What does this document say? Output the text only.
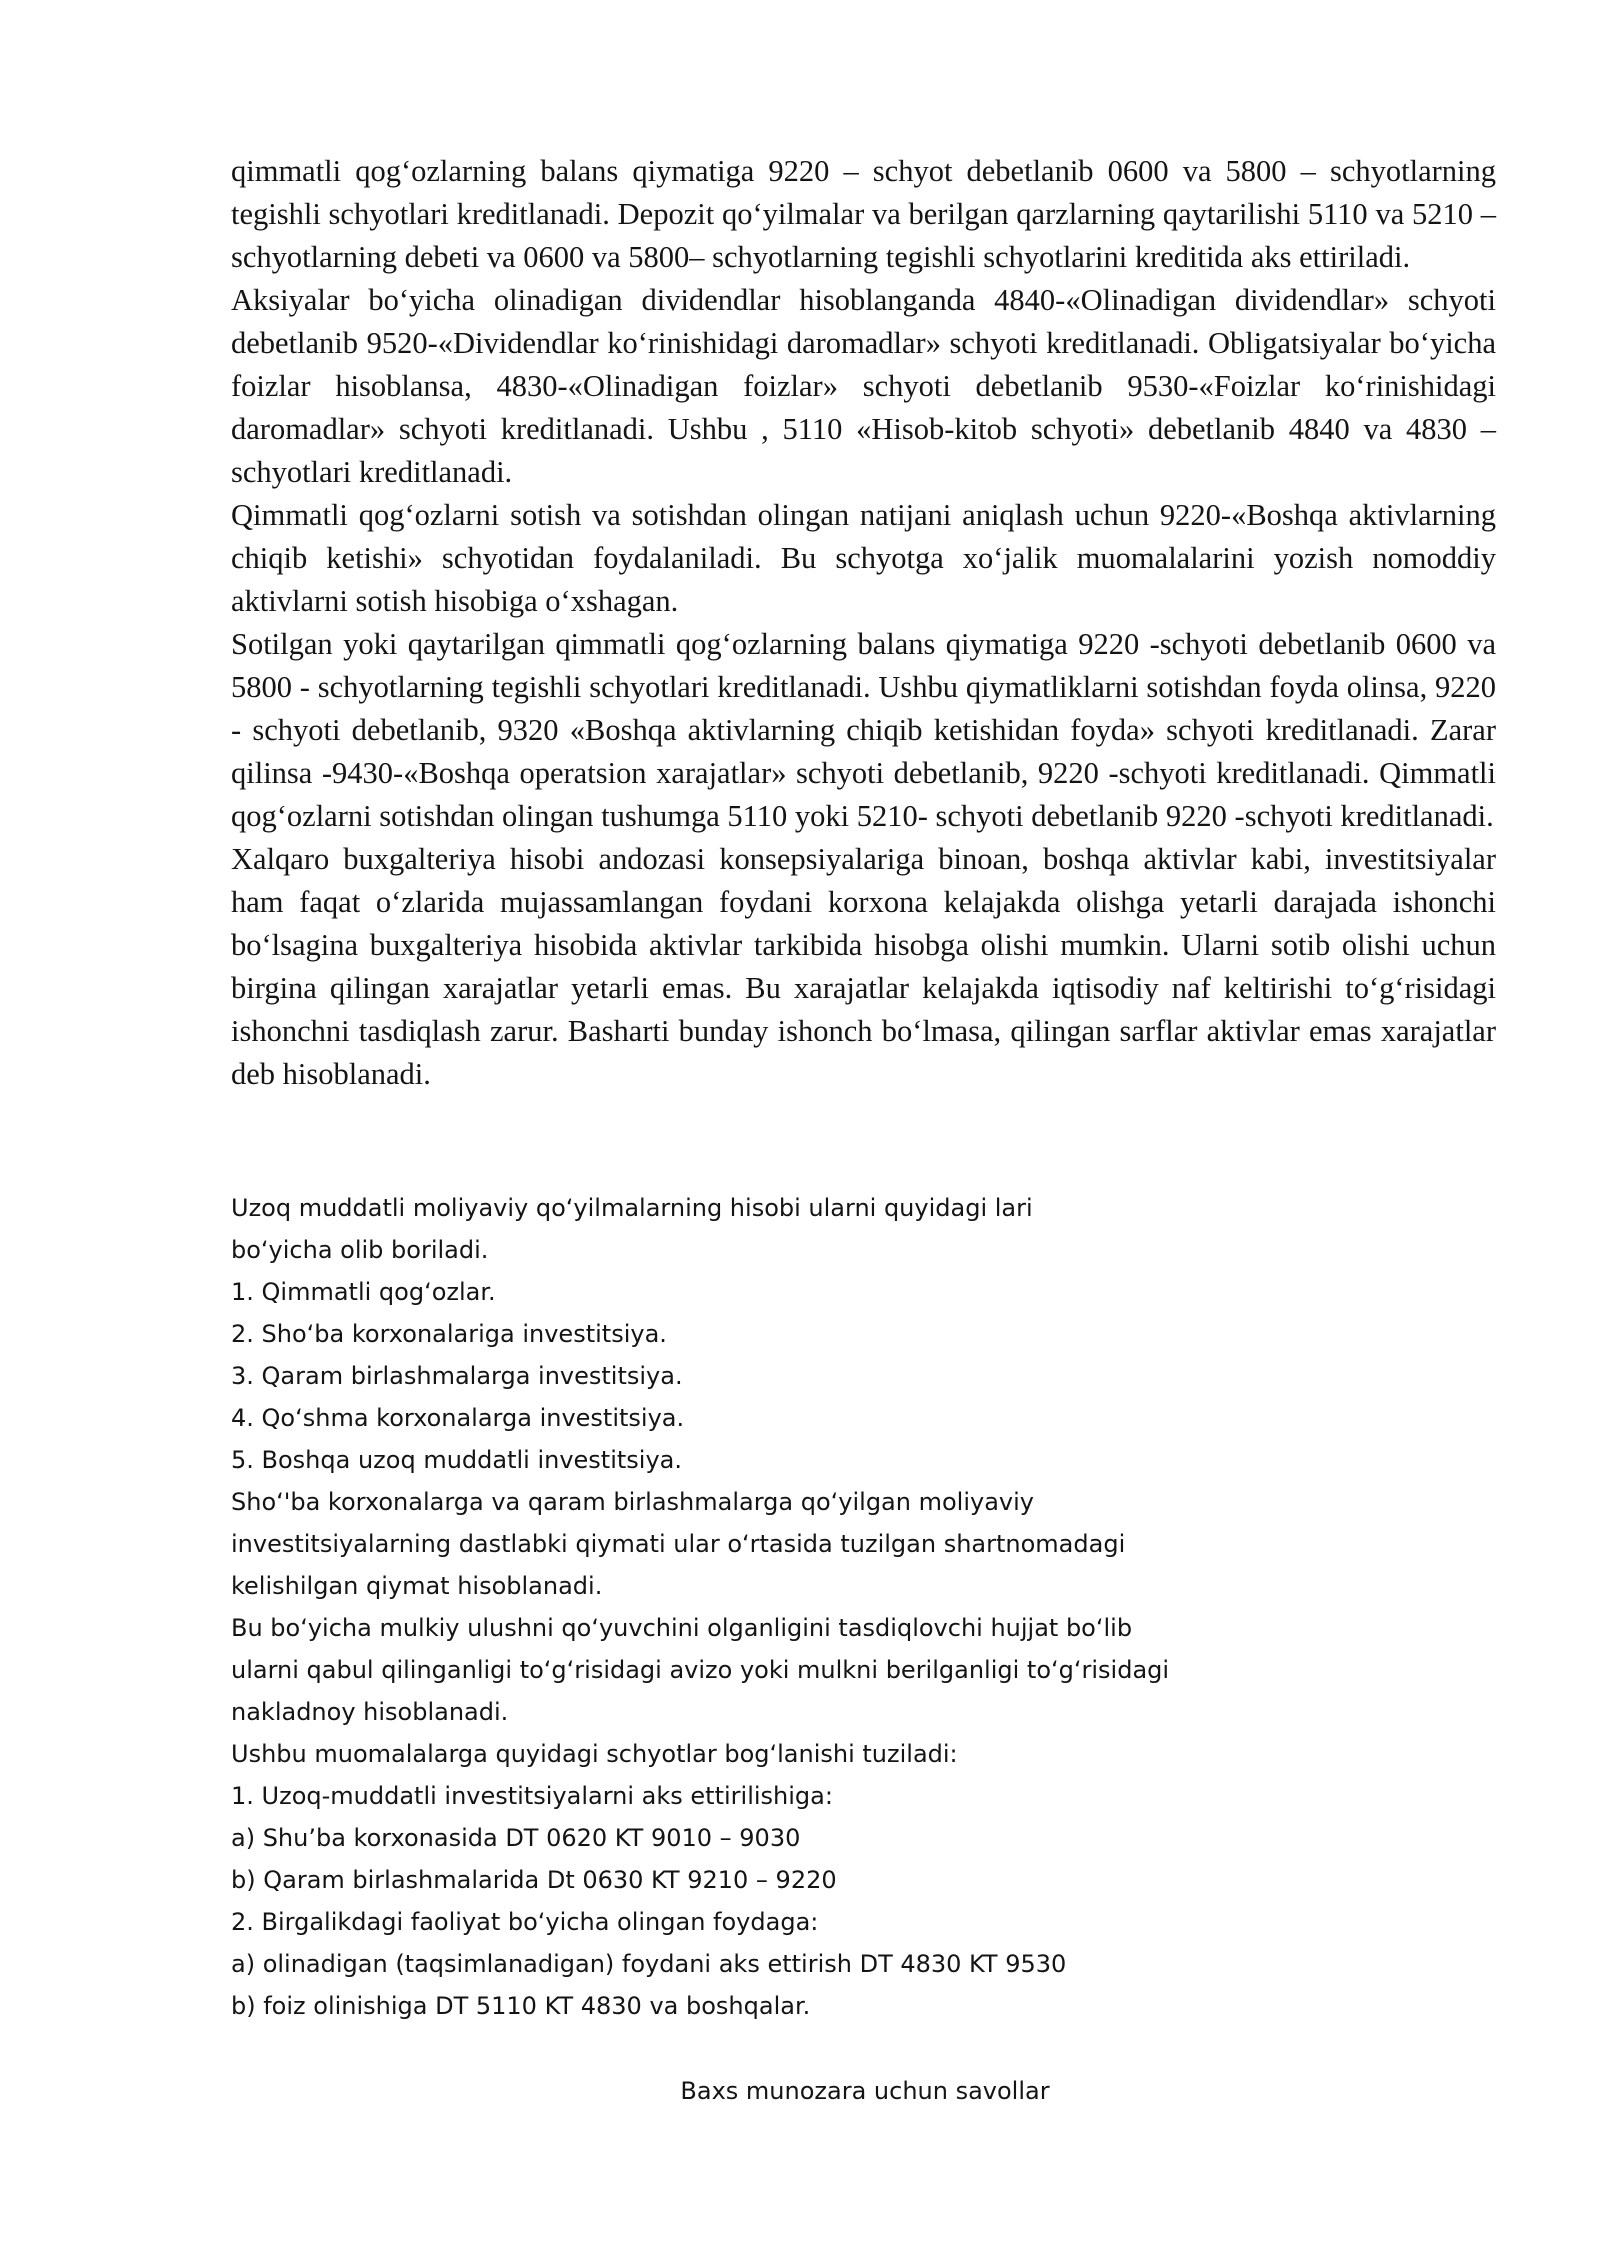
qimmatli qog‘ozlarning balans qiymatiga 9220 – schyot debetlanib 0600 va 5800 – schyotlarning tegishli schyotlari kreditlanadi. Depozit qo‘yilmalar va berilgan qarzlarning qaytarilishi 5110 va 5210 – schyotlarning debeti va 0600 va 5800– schyotlarning tegishli schyotlarini kreditida aks ettiriladi.

Aksiyalar bo‘yicha olinadigan dividendlar hisoblanganda 4840-«Olinadigan dividendlar» schyoti debetlanib 9520-«Dividendlar ko‘rinishidagi daromadlar» schyoti kreditlanadi. Obligatsiyalar bo‘yicha foizlar hisoblansa, 4830-«Olinadigan foizlar» schyoti debetlanib 9530-«Foizlar ko‘rinishidagi daromadlar» schyoti kreditlanadi. Ushbu , 5110 «Hisob-kitob schyoti» debetlanib 4840 va 4830 – schyotlari kreditlanadi.

Qimmatli qog‘ozlarni sotish va sotishdan olingan natijani aniqlash uchun 9220-«Boshqa aktivlarning chiqib ketishi» schyotidan foydalaniladi. Bu schyotga xo‘jalik muomalalarini yozish nomoddiy aktivlarni sotish hisobiga o‘xshagan.

Sotilgan yoki qaytarilgan qimmatli qog‘ozlarning balans qiymatiga 9220 -schyoti debetlanib 0600 va 5800 - schyotlarning tegishli schyotlari kreditlanadi. Ushbu qiymatliklarni sotishdan foyda olinsa, 9220 - schyoti debetlanib, 9320 «Boshqa aktivlarning chiqib ketishidan foyda» schyoti kreditlanadi. Zarar qilinsa -9430-«Boshqa operatsion xarajatlar» schyoti debetlanib, 9220 -schyoti kreditlanadi. Qimmatli qog‘ozlarni sotishdan olingan tushumga 5110 yoki 5210- schyoti debetlanib 9220 -schyoti kreditlanadi.

Xalqaro buxgalteriya hisobi andozasi konsepsiyalariga binoan, boshqa aktivlar kabi, investitsiyalar ham faqat o‘zlarida mujassamlangan foydani korxona kelajakda olishga yetarli darajada ishonchi bo‘lsagina buxgalteriya hisobida aktivlar tarkibida hisobga olishi mumkin. Ularni sotib olishi uchun birgina qilingan xarajatlar yetarli emas. Bu xarajatlar kelajakda iqtisodiy naf keltirishi to‘g‘risidagi ishonchni tasdiqlash zarur. Basharti bunday ishonch bo‘lmasa, qilingan sarflar aktivlar emas xarajatlar deb hisoblanadi.

Uzoq muddatli moliyaviy qo‘yilmalarning hisobi ularni quyidagi lari
bo‘yicha olib boriladi.
1. Qimmatli qog‘ozlar.
2. Sho‘ba korxonalariga investitsiya.
3. Qaram birlashmalarga investitsiya.
4. Qo‘shma korxonalarga investitsiya.
5. Boshqa uzoq muddatli investitsiya.
Sho‘'ba korxonalarga va qaram birlashmalarga qo‘yilgan moliyaviy
investitsiyalarning dastlabki qiymati ular o‘rtasida tuzilgan shartnomadagi
kelishilgan qiymat hisoblanadi.
Bu bo‘yicha mulkiy ulushni qo‘yuvchini olganligini tasdiqlovchi hujjat bo‘lib
ularni qabul qilinganligi to‘g‘risidagi avizo yoki mulkni berilganligi to‘g‘risidagi
nakladnoy hisoblanadi.
Ushbu muomalalarga quyidagi schyotlar bog‘lanishi tuziladi:
1. Uzoq-muddatli investitsiyalarni aks ettirilishiga:
a) Shu’ba korxonasida DT 0620 KT 9010 – 9030
b) Qaram birlashmalarida Dt 0630 KT 9210 – 9220
2. Birgalikdagi faoliyat bo‘yicha olingan foydaga:
a) olinadigan (taqsimlanadigan) foydani aks ettirish DT 4830 KT 9530
b) foiz olinishiga DT 5110 KT 4830 va boshqalar.
Baxs munozara uchun savollar
